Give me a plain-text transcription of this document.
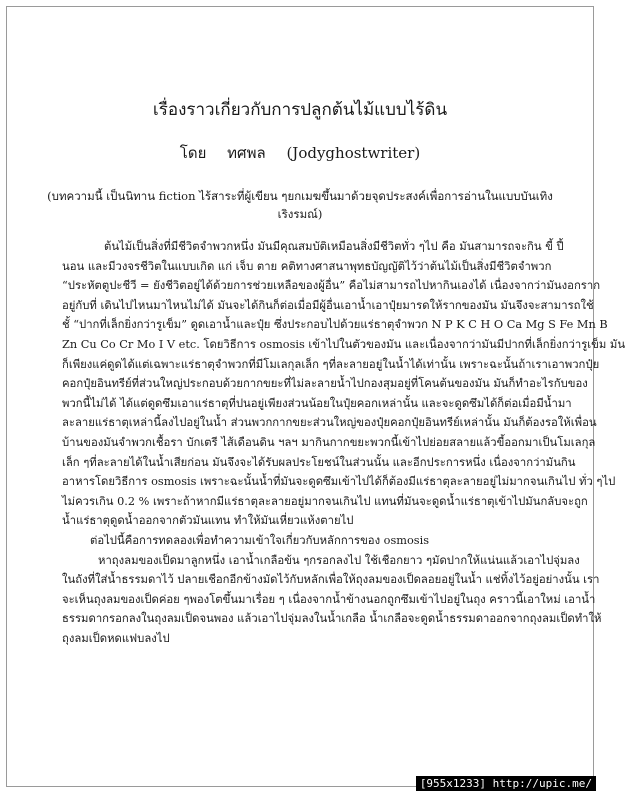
เรื่องราวเกี่ยวกับการปลูกต้นไม้แบบไร้ดิน
โดย ทศพล (Jodyghostwriter)
(บทความนี้ เป็นนิทาน fiction ไร้สาระที่ผู้เขียน ๆยกเมฆขึ้นมาด้วยจุดประสงค์เพื่อการอ่านในแบบบันเทิงเริงรมณ์)

ต้นไม้เป็นสิ่งที่มีชีวิตจำพวกหนึ่ง มันมีคุณสมบัติเหมือนสิ่งมีชีวิตทั่ว ๆไป คือ มันสามารถจะกิน ขี้ ปี้
นอน และมีวงจรชีวิตในแบบเกิด แก่ เจ็บ ตาย คติทางศาสนาพุทธบัญญัติไว้ว่าต้นไม้เป็นสิ่งมีชีวิตจำพวก
“ประหัตตูปะชีวี = ยังชีวิตอยู่ได้ด้วยการช่วยเหลือของผู้อื่น” คือไม่สามารถไปหากินเองได้ เนื่องจากว่ามันงอกราก
อยู่กับที่ เดินไปไหนมาไหนไม่ได้ มันจะได้กินก็ต่อเมื่อมีผู้อื่นเอาน้ำเอาปุ๋ยมารดให้รากของมัน มันจึงจะสามารถใช้
ชั้ “ปากที่เล็กยิ่งกว่ารูเข็ม” ดูดเอาน้ำและปุ๋ย ซึ่งประกอบไปด้วยแร่ธาตุจำพวก N P K C H O Ca Mg S Fe Mn B
Zn Cu Co Cr Mo I V etc. โดยวิธีการ osmosis เข้าไปในตัวของมัน และเนื่องจากว่ามันมีปากที่เล็กยิ่งกว่ารูเข็ม มัน
ก็เพียงแค่ดูดได้แต่เฉพาะแร่ธาตุจำพวกที่มีโมเลกุลเล็ก ๆที่ละลายอยู่ในน้ำได้เท่านั้น เพราะฉะนั้นถ้าเราเอาพวกปุ๋ย
คอกปุ๋ยอินทรีย์ที่ส่วนใหญ่ประกอบด้วยกากขยะที่ไม่ละลายน้ำไปกองสุมอยู่ที่โคนต้นของมัน มันก็ทำอะไรกับของ
พวกนี้ไม่ได้ ได้แต่ดูดซึมเอาแร่ธาตุที่ปนอยู่เพียงส่วนน้อยในปุ๋ยคอกเหล่านั้น และจะดูดซึมได้ก็ต่อเมื่อมีน้ำมา
ละลายแร่ธาตุเหล่านี้ลงไปอยู่ในน้ำ ส่วนพวกกากขยะส่วนใหญ่ของปุ๋ยคอกปุ๋ยอินทรีย์เหล่านั้น มันก็ต้องรอให้เพื่อน
บ้านของมันจำพวกเชื้อรา บักเตรี ไส้เดือนดิน ฯลฯ มากินกากขยะพวกนี้เข้าไปย่อยสลายแล้วขี้ออกมาเป็นโมเลกุล
เล็ก ๆที่ละลายได้ในน้ำเสียก่อน มันจึงจะได้รับผลประโยชน์ในส่วนนั้น และอีกประการหนึ่ง เนื่องจากว่ามันกิน
อาหารโดยวิธีการ osmosis เพราะฉะนั้นน้ำที่มันจะดูดซึมเข้าไปได้ก็ต้องมีแร่ธาตุละลายอยู่ไม่มากจนเกินไป ทั่ว ๆไป
ไม่ควรเกิน 0.2 % เพราะถ้าหากมีแร่ธาตุละลายอยู่มากจนเกินไป แทนที่มันจะดูดน้ำแร่ธาตุเข้าไปมันกลับจะถูก
น้ำแร่ธาตุดูดน้ำออกจากตัวมันแทน ทำให้มันเหี่ยวแห้งตายไป

ต่อไปนี้คือการทดลองเพื่อทำความเข้าใจเกี่ยวกับหลักการของ osmosis

หาถุงลมของเป็ดมาลูกหนึ่ง เอาน้ำเกลือข้น ๆกรอกลงไป ใช้เชือกยาว ๆมัดปากให้แน่นแล้วเอาไปจุ่มลง
ในถังที่ใส่น้ำธรรมดาไว้ ปลายเชือกอีกข้างมัดไว้กับหลักเพื่อให้ถุงลมของเป็ดลอยอยู่ในน้ำ แช่ทิ้งไว้อยู่อย่างนั้น เรา
จะเห็นถุงลมของเป็ดค่อย ๆพองโตขึ้นมาเรื่อย ๆ เนื่องจากน้ำข้างนอกถูกซึมเข้าไปอยู่ในถุง คราวนี้เอาใหม่ เอาน้ำ
ธรรมดากรอกลงในถุงลมเป็ดจนพอง แล้วเอาไปจุ่มลงในน้ำเกลือ น้ำเกลือจะดูดน้ำธรรมดาออกจากถุงลมเป็ดทำให้
ถุงลมเป็ดหดแฟบลงไป

[955x1233] http://upic.me/
